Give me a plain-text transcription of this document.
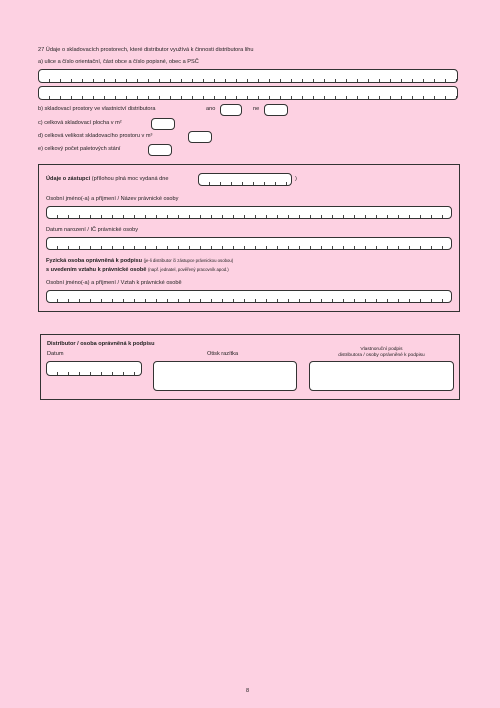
27 Údaje o skladovacích prostorech, které distributor využívá k činnosti distributora lihu
a) ulice a číslo orientační, část obce a číslo popisné, obec a PSČ
b) skladovací prostory ve vlastnictví distributora	ano	ne
c) celková skladovací plocha v m²
d) celková velikost skladovacího prostoru v m³
e) celkový počet paletových stání
Údaje o zástupci (přílohou plná moc vydaná dne	)
Osobní jméno(-a) a příjmení / Název právnické osoby
Datum narození / IČ právnické osoby
Fyzická osoba oprávněná k podpisu (je-li distributor či zástupce právnickou osobou)
s uvedením vztahu k právnické osobě (např. jednatel, pověřený pracovník apod.)
Osobní jméno(-a) a příjmení / Vztah k právnické osobě
Distributor / osoba oprávněná k podpisu
Datum	Otisk razítka
Vlastnoruční podpis
distributora / osoby oprávněné k podpisu
8
